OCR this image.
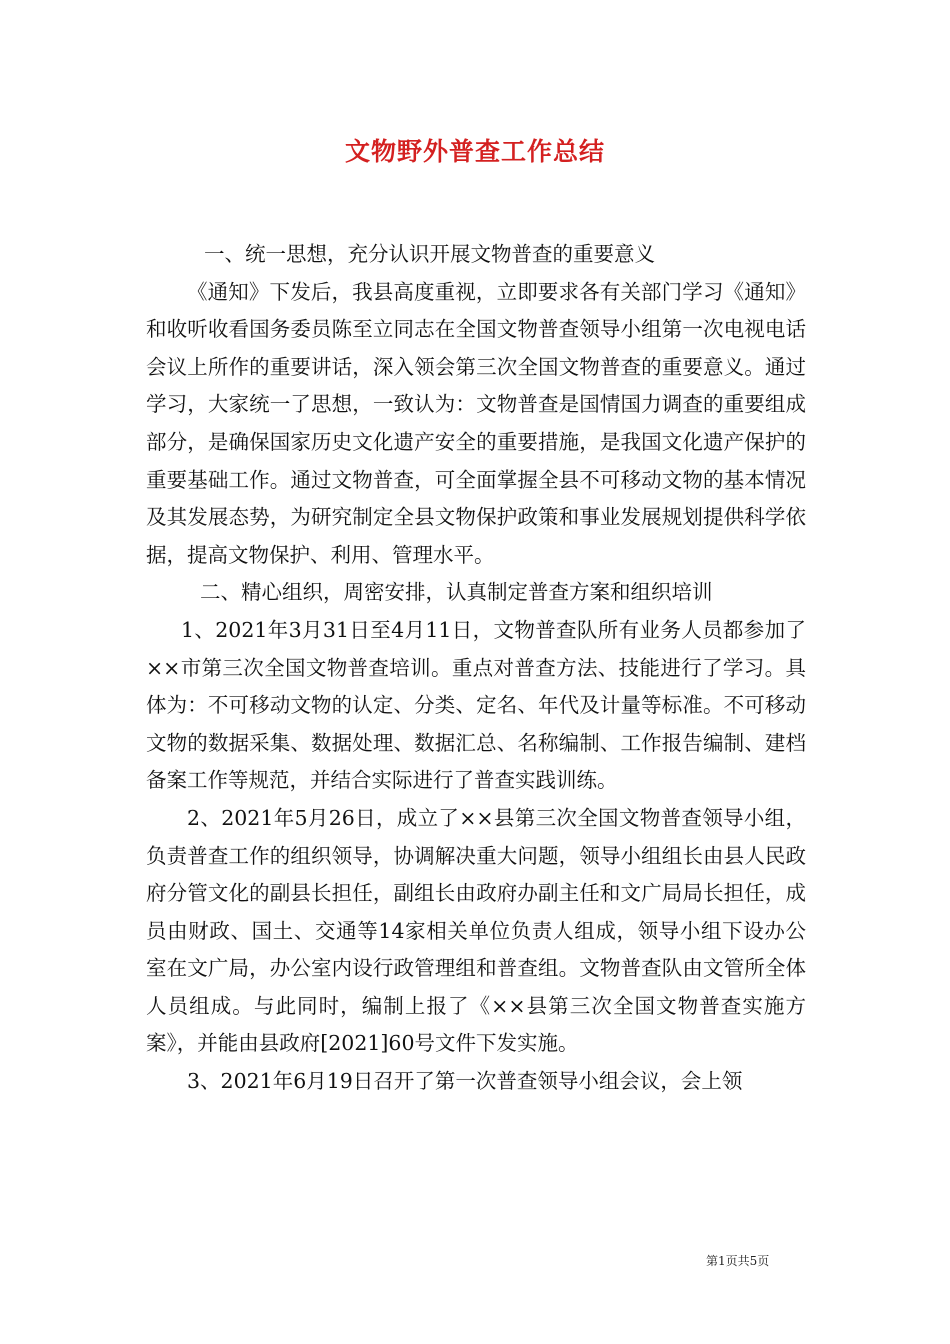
文物野外普查工作总结

一、统一思想，充分认识开展文物普查的重要意义

《通知》下发后，我县高度重视，立即要求各有关部门学习《通知》和收听收看国务委员陈至立同志在全国文物普查领导小组第一次电视电话会议上所作的重要讲话，深入领会第三次全国文物普查的重要意义。通过学习，大家统一了思想，一致认为：文物普查是国情国力调查的重要组成部分，是确保国家历史文化遗产安全的重要措施，是我国文化遗产保护的重要基础工作。通过文物普查，可全面掌握全县不可移动文物的基本情况及其发展态势，为研究制定全县文物保护政策和事业发展规划提供科学依据，提高文物保护、利用、管理水平。

二、精心组织，周密安排，认真制定普查方案和组织培训

1、2021年3月31日至4月11日，文物普查队所有业务人员都参加了××市第三次全国文物普查培训。重点对普查方法、技能进行了学习。具体为：不可移动文物的认定、分类、定名、年代及计量等标准。不可移动文物的数据采集、数据处理、数据汇总、名称编制、工作报告编制、建档备案工作等规范，并结合实际进行了普查实践训练。

2、2021年5月26日，成立了××县第三次全国文物普查领导小组，负责普查工作的组织领导，协调解决重大问题，领导小组组长由县人民政府分管文化的副县长担任，副组长由政府办副主任和文广局局长担任，成员由财政、国土、交通等14家相关单位负责人组成，领导小组下设办公室在文广局，办公室内设行政管理组和普查组。文物普查队由文管所全体人员组成。与此同时，编制上报了《××县第三次全国文物普查实施方案》，并能由县政府[2021]60号文件下发实施。

3、2021年6月19日召开了第一次普查领导小组会议，会上领

第1页共5页
